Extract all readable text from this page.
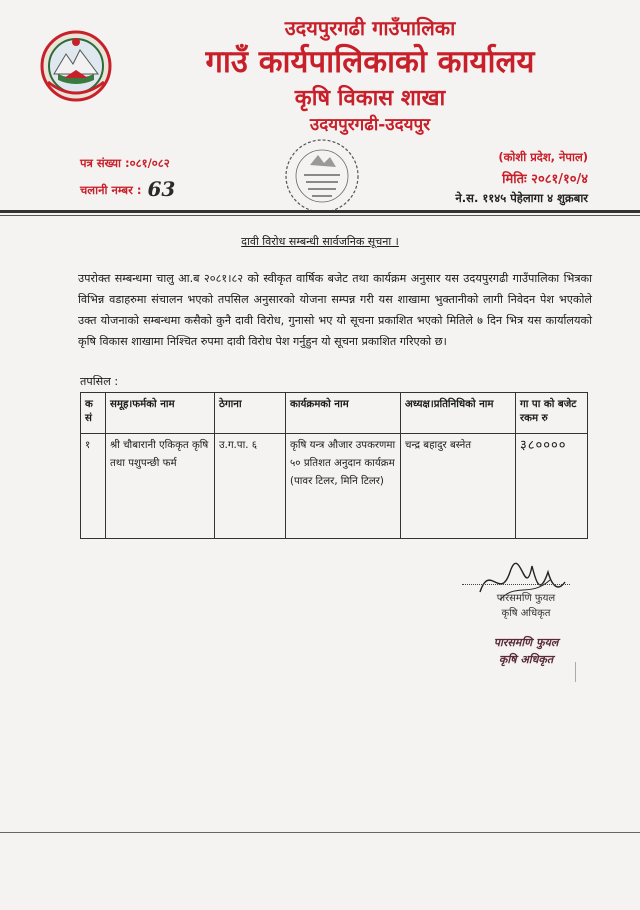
उदयपुरगढी गाउँपालिका
गाउँ कार्यपालिकाको कार्यालय
कृषि विकास शाखा
उदयपुरगढी-उदयपुर
पत्र संख्या :०८१/०८२
चलानी नम्बर : 63
(कोशी प्रदेश, नेपाल)
मितिः २०८१/१०/४
ने.स. ११४५ पेहेलागा ४ शुक्रबार
दावी विरोध सम्बन्धी सार्वजनिक सूचना ।
उपरोक्त सम्बन्धमा चालु आ.ब २०८१।८२ को स्वीकृत वार्षिक बजेट तथा कार्यक्रम अनुसार यस उदयपुरगढी गाउँपालिका भित्रका विभिन्न वडाहरुमा संचालन भएको तपसिल अनुसारको योजना सम्पन्न गरी यस शाखामा भुक्तानीको लागी निवेदन पेश भएकोले उक्त योजनाको सम्बन्धमा कसैको कुनै दावी विरोध, गुनासो भए यो सूचना प्रकाशित भएको मितिले ७ दिन भित्र यस कार्यालयको कृषि विकास शाखामा निश्चित रुपमा दावी विरोध पेश गर्नुहुन यो सूचना प्रकाशित गरिएको छ।
तपसिल :
क सं	समूह।फर्मको नाम	ठेगाना	कार्यक्रमको नाम	अध्यक्ष।प्रतिनिधिको नाम	गा पा को बजेट रकम रु
१	श्री चौबारानी एकिकृत कृषि तथा पशुपन्छी फर्म	उ.ग.पा. ६	कृषि यन्त्र औजार उपकरणमा ५० प्रतिशत अनुदान कार्यक्रम (पावर टिलर, मिनि टिलर)	चन्द्र बहादुर बस्नेत	३८००००
पारसमणि फुयल
कृषि अधिकृत
पारसमणि फुयल
कृषि अधिकृत
